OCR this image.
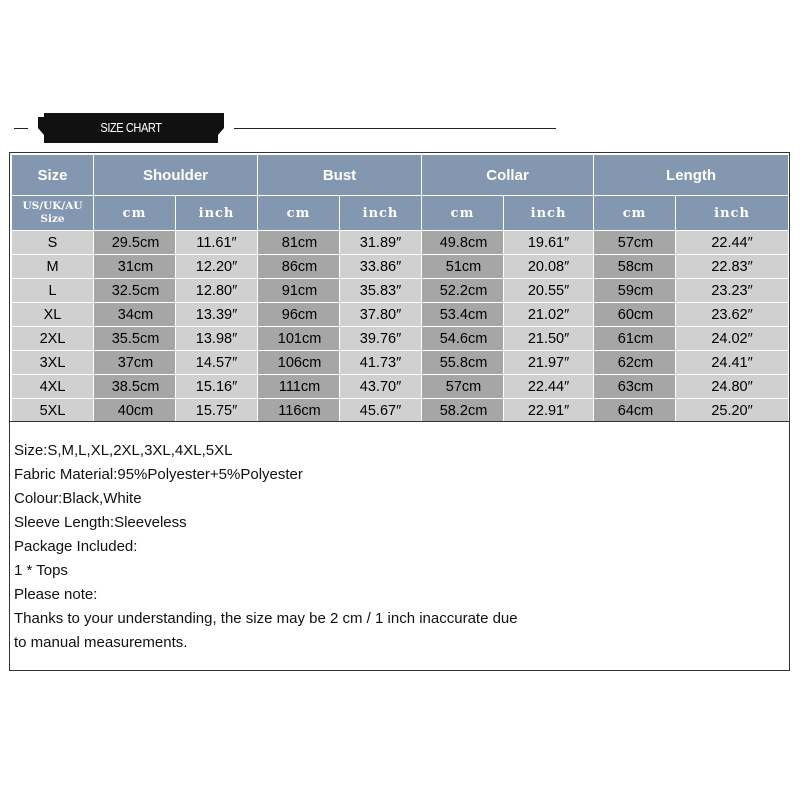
SIZE CHART
Size	Shoulder		Bust		Collar		Length	

US/UK/AU
Size	cm	inch	cm	inch	cm	inch	cm	inch
S	29.5cm	11.61″	81cm	31.89″	49.8cm	19.61″	57cm	22.44″
M	31cm	12.20″	86cm	33.86″	51cm	20.08″	58cm	22.83″
L	32.5cm	12.80″	91cm	35.83″	52.2cm	20.55″	59cm	23.23″
XL	34cm	13.39″	96cm	37.80″	53.4cm	21.02″	60cm	23.62″
2XL	35.5cm	13.98″	101cm	39.76″	54.6cm	21.50″	61cm	24.02″
3XL	37cm	14.57″	106cm	41.73″	55.8cm	21.97″	62cm	24.41″
4XL	38.5cm	15.16″	111cm	43.70″	57cm	22.44″	63cm	24.80″
5XL	40cm	15.75″	116cm	45.67″	58.2cm	22.91″	64cm	25.20″
Size:S,M,L,XL,2XL,3XL,4XL,5XL
Fabric Material:95%Polyester+5%Polyester
Colour:Black,White
Sleeve Length:Sleeveless
Package Included:
1 * Tops
Please note:
Thanks to your understanding, the size may be 2 cm / 1 inch inaccurate due
to manual measurements.
